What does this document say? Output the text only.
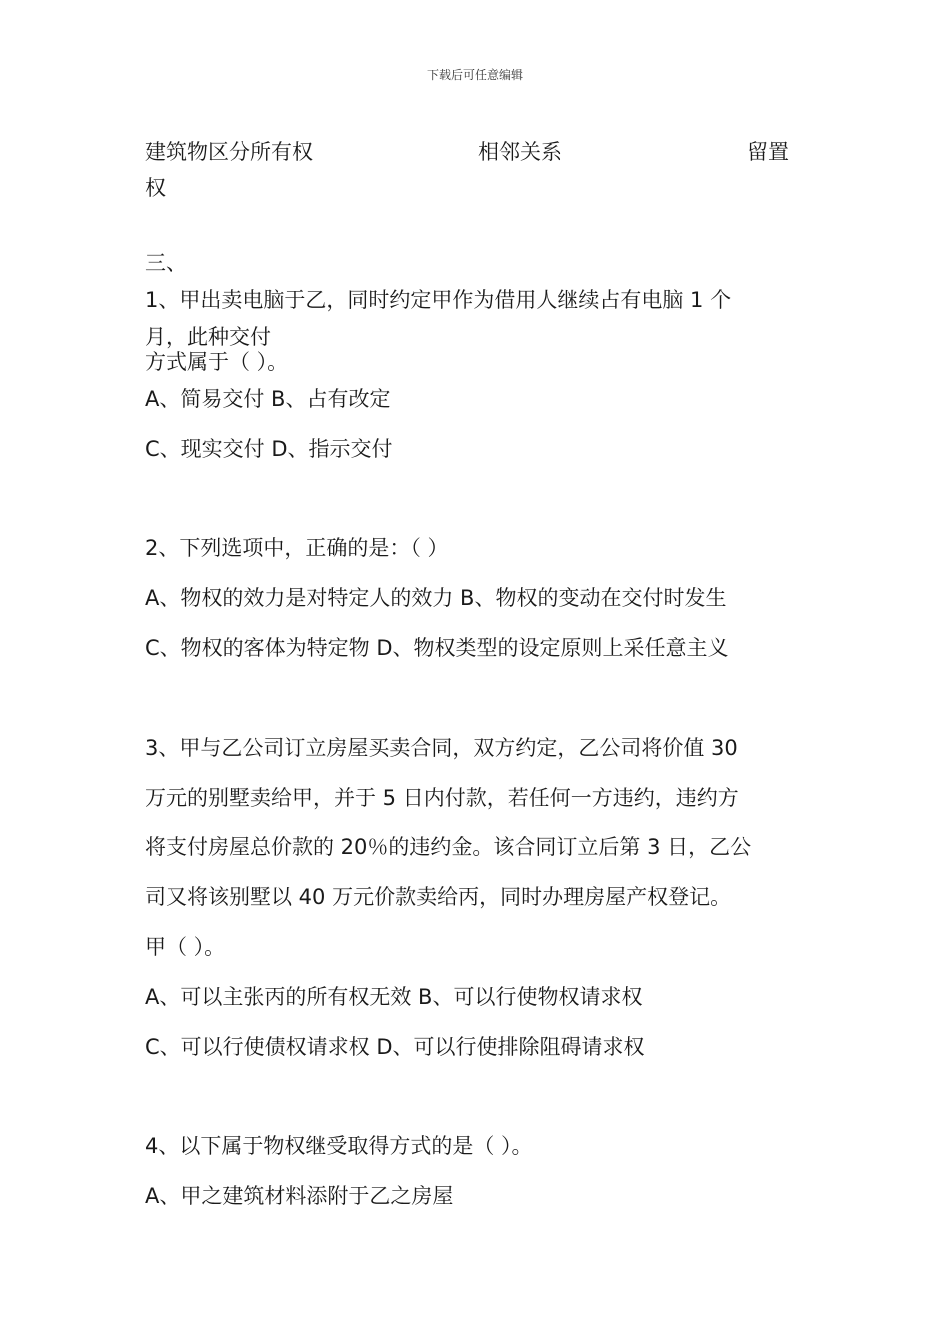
下载后可任意编辑
建筑物区分所有权	相邻关系	留置
权
三、
1、甲出卖电脑于乙，同时约定甲作为借用人继续占有电脑 1 个
月，此种交付
方式属于（ ）。
A、简易交付 B、占有改定
C、现实交付 D、指示交付
2、下列选项中，正确的是：（ ）
A、物权的效力是对特定人的效力 B、物权的变动在交付时发生
C、物权的客体为特定物 D、物权类型的设定原则上采任意主义
3、甲与乙公司订立房屋买卖合同，双方约定，乙公司将价值 30
万元的别墅卖给甲，并于 5 日内付款，若任何一方违约，违约方
将支付房屋总价款的 20％的违约金。该合同订立后第 3 日，乙公
司又将该别墅以 40 万元价款卖给丙，同时办理房屋产权登记。
甲（ ）。
A、可以主张丙的所有权无效 B、可以行使物权请求权
C、可以行使债权请求权 D、可以行使排除阻碍请求权
4、以下属于物权继受取得方式的是（ ）。
A、甲之建筑材料添附于乙之房屋
